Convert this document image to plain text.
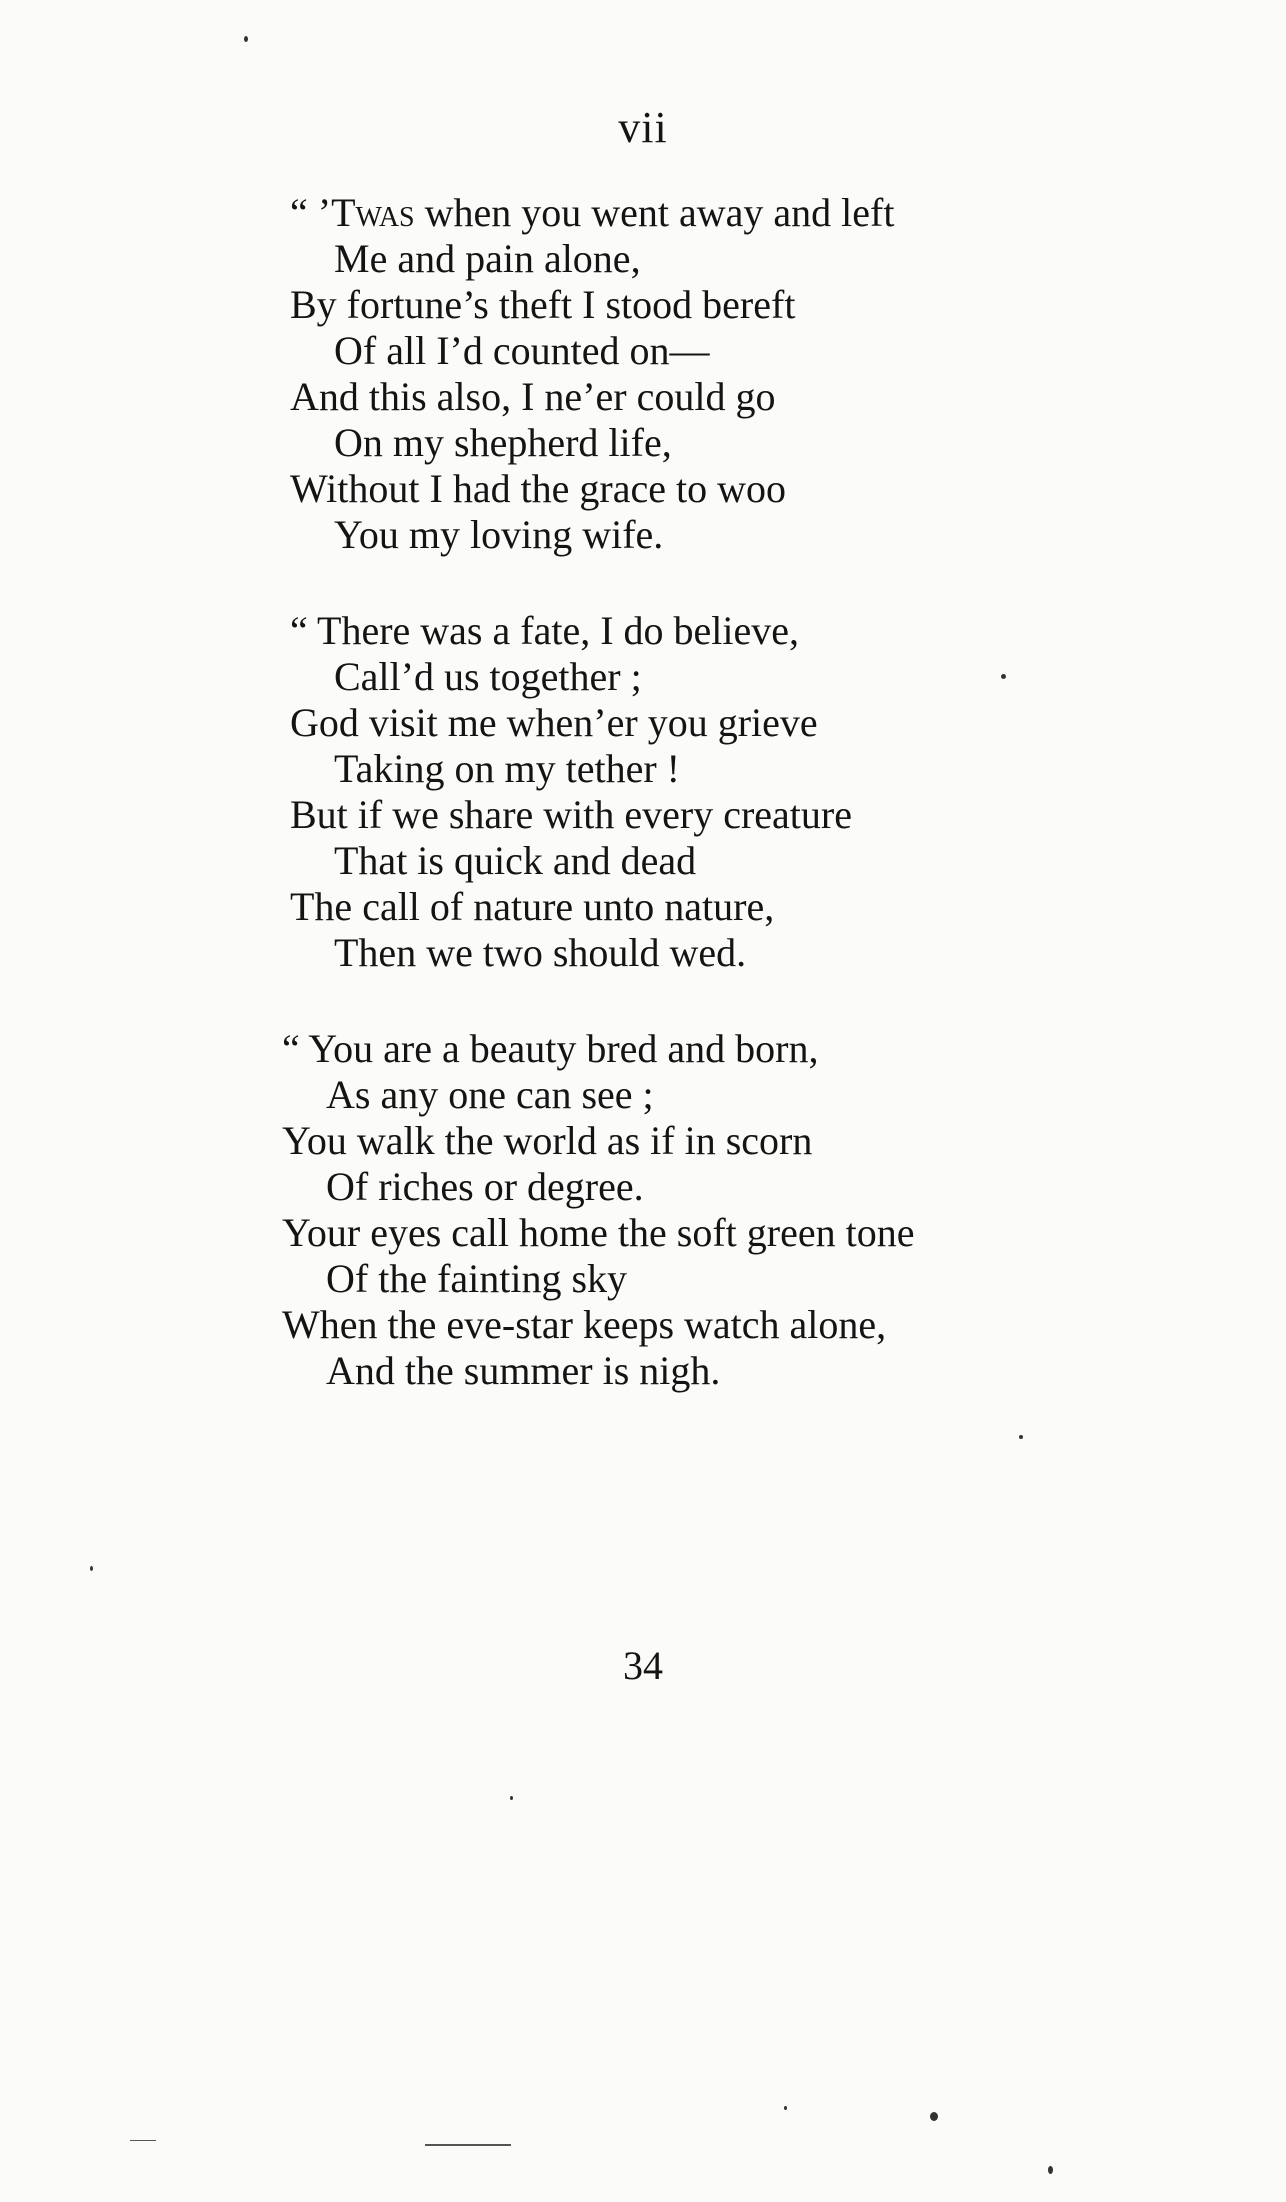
vii
“ ’Twas when you went away and left
Me and pain alone,
By fortune’s theft I stood bereft
Of all I’d counted on—
And this also, I ne’er could go
On my shepherd life,
Without I had the grace to woo
You my loving wife.
“ There was a fate, I do believe,
Call’d us together ;
God visit me when’er you grieve
Taking on my tether !
But if we share with every creature
That is quick and dead
The call of nature unto nature,
Then we two should wed.
“ You are a beauty bred and born,
As any one can see ;
You walk the world as if in scorn
Of riches or degree.
Your eyes call home the soft green tone
Of the fainting sky
When the eve-star keeps watch alone,
And the summer is nigh.
34
